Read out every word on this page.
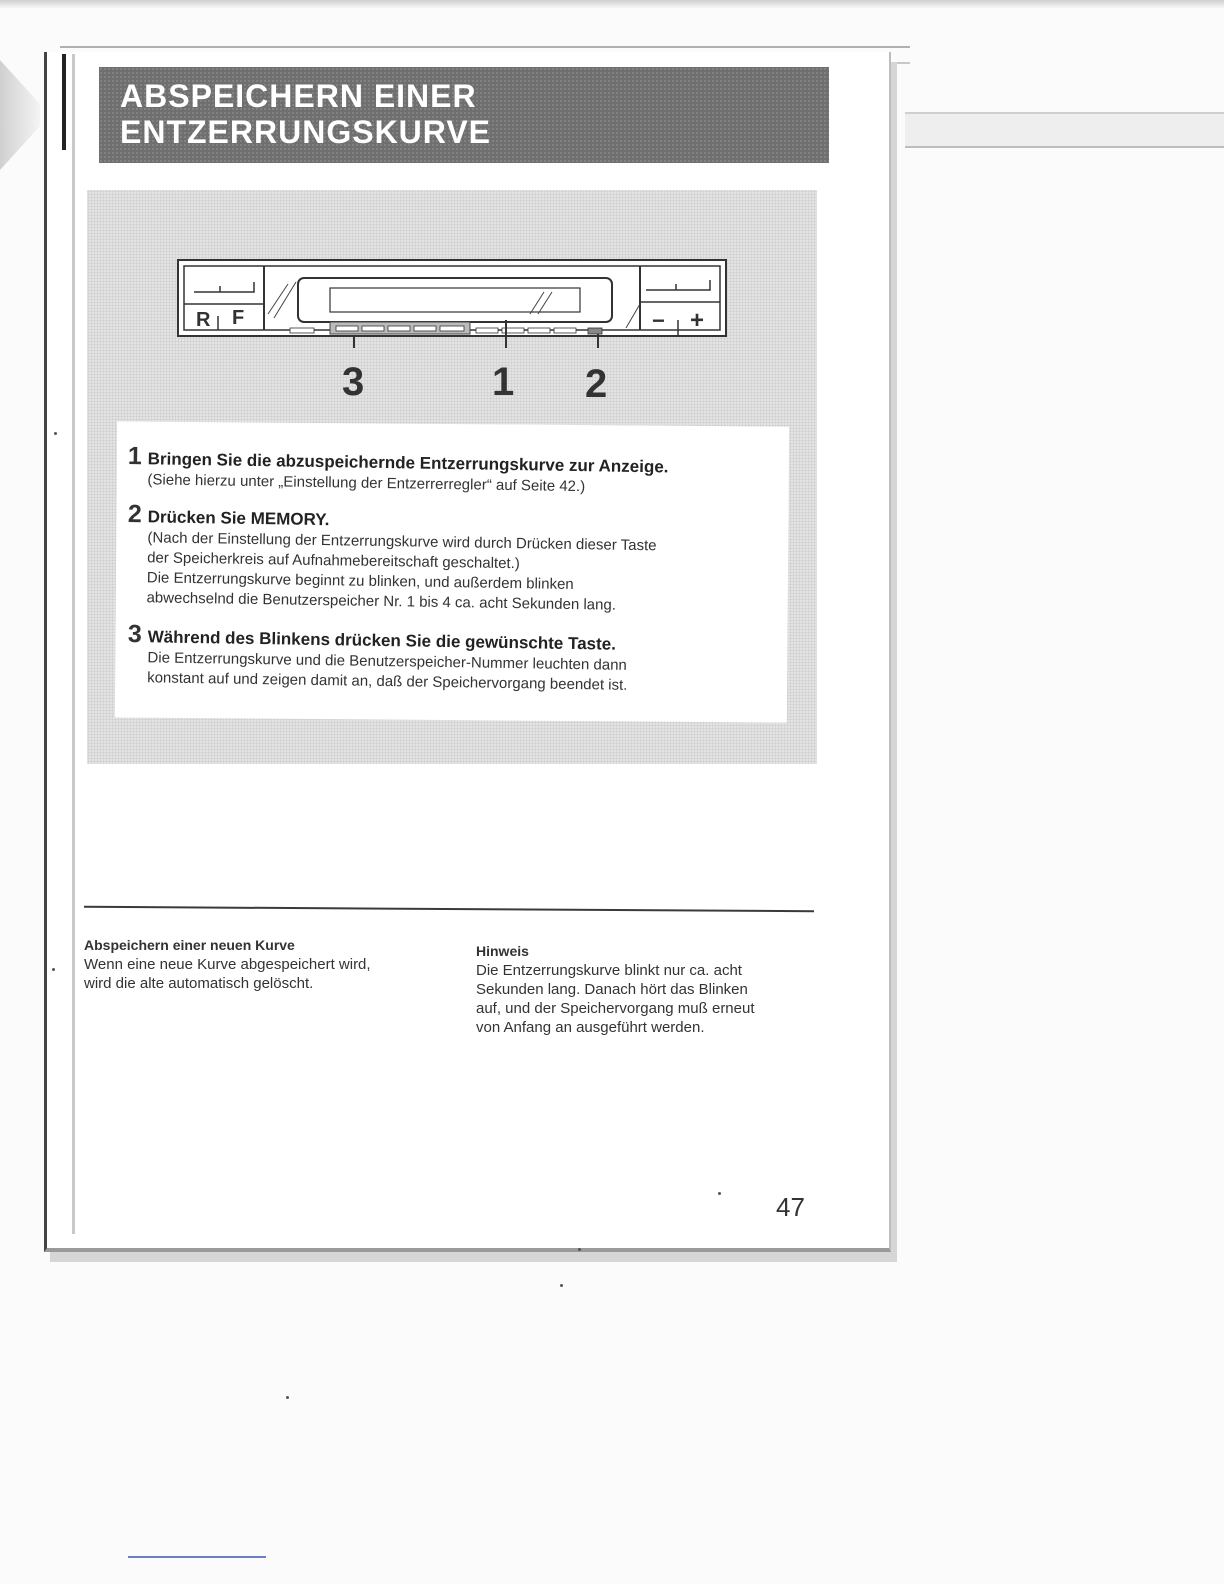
ABSPEICHERN EINER
ENTZERRUNGSKURVE
R F	− +
3	1 2
1 Bringen Sie die abzuspeichernde Entzerrungskurve zur Anzeige.
(Siehe hierzu unter „Einstellung der Entzerrerregler“ auf Seite 42.)
2 Drücken Sie MEMORY.
(Nach der Einstellung der Entzerrungskurve wird durch Drücken dieser Taste
der Speicherkreis auf Aufnahmebereitschaft geschaltet.)
Die Entzerrungskurve beginnt zu blinken, und außerdem blinken
abwechselnd die Benutzerspeicher Nr. 1 bis 4 ca. acht Sekunden lang.
3 Während des Blinkens drücken Sie die gewünschte Taste.
Die Entzerrungskurve und die Benutzerspeicher-Nummer leuchten dann
konstant auf und zeigen damit an, daß der Speichervorgang beendet ist.
Abspeichern einer neuen Kurve
Wenn eine neue Kurve abgespeichert wird,
wird die alte automatisch gelöscht.
Hinweis
Die Entzerrungskurve blinkt nur ca. acht
Sekunden lang. Danach hört das Blinken
auf, und der Speichervorgang muß erneut
von Anfang an ausgeführt werden.
47
